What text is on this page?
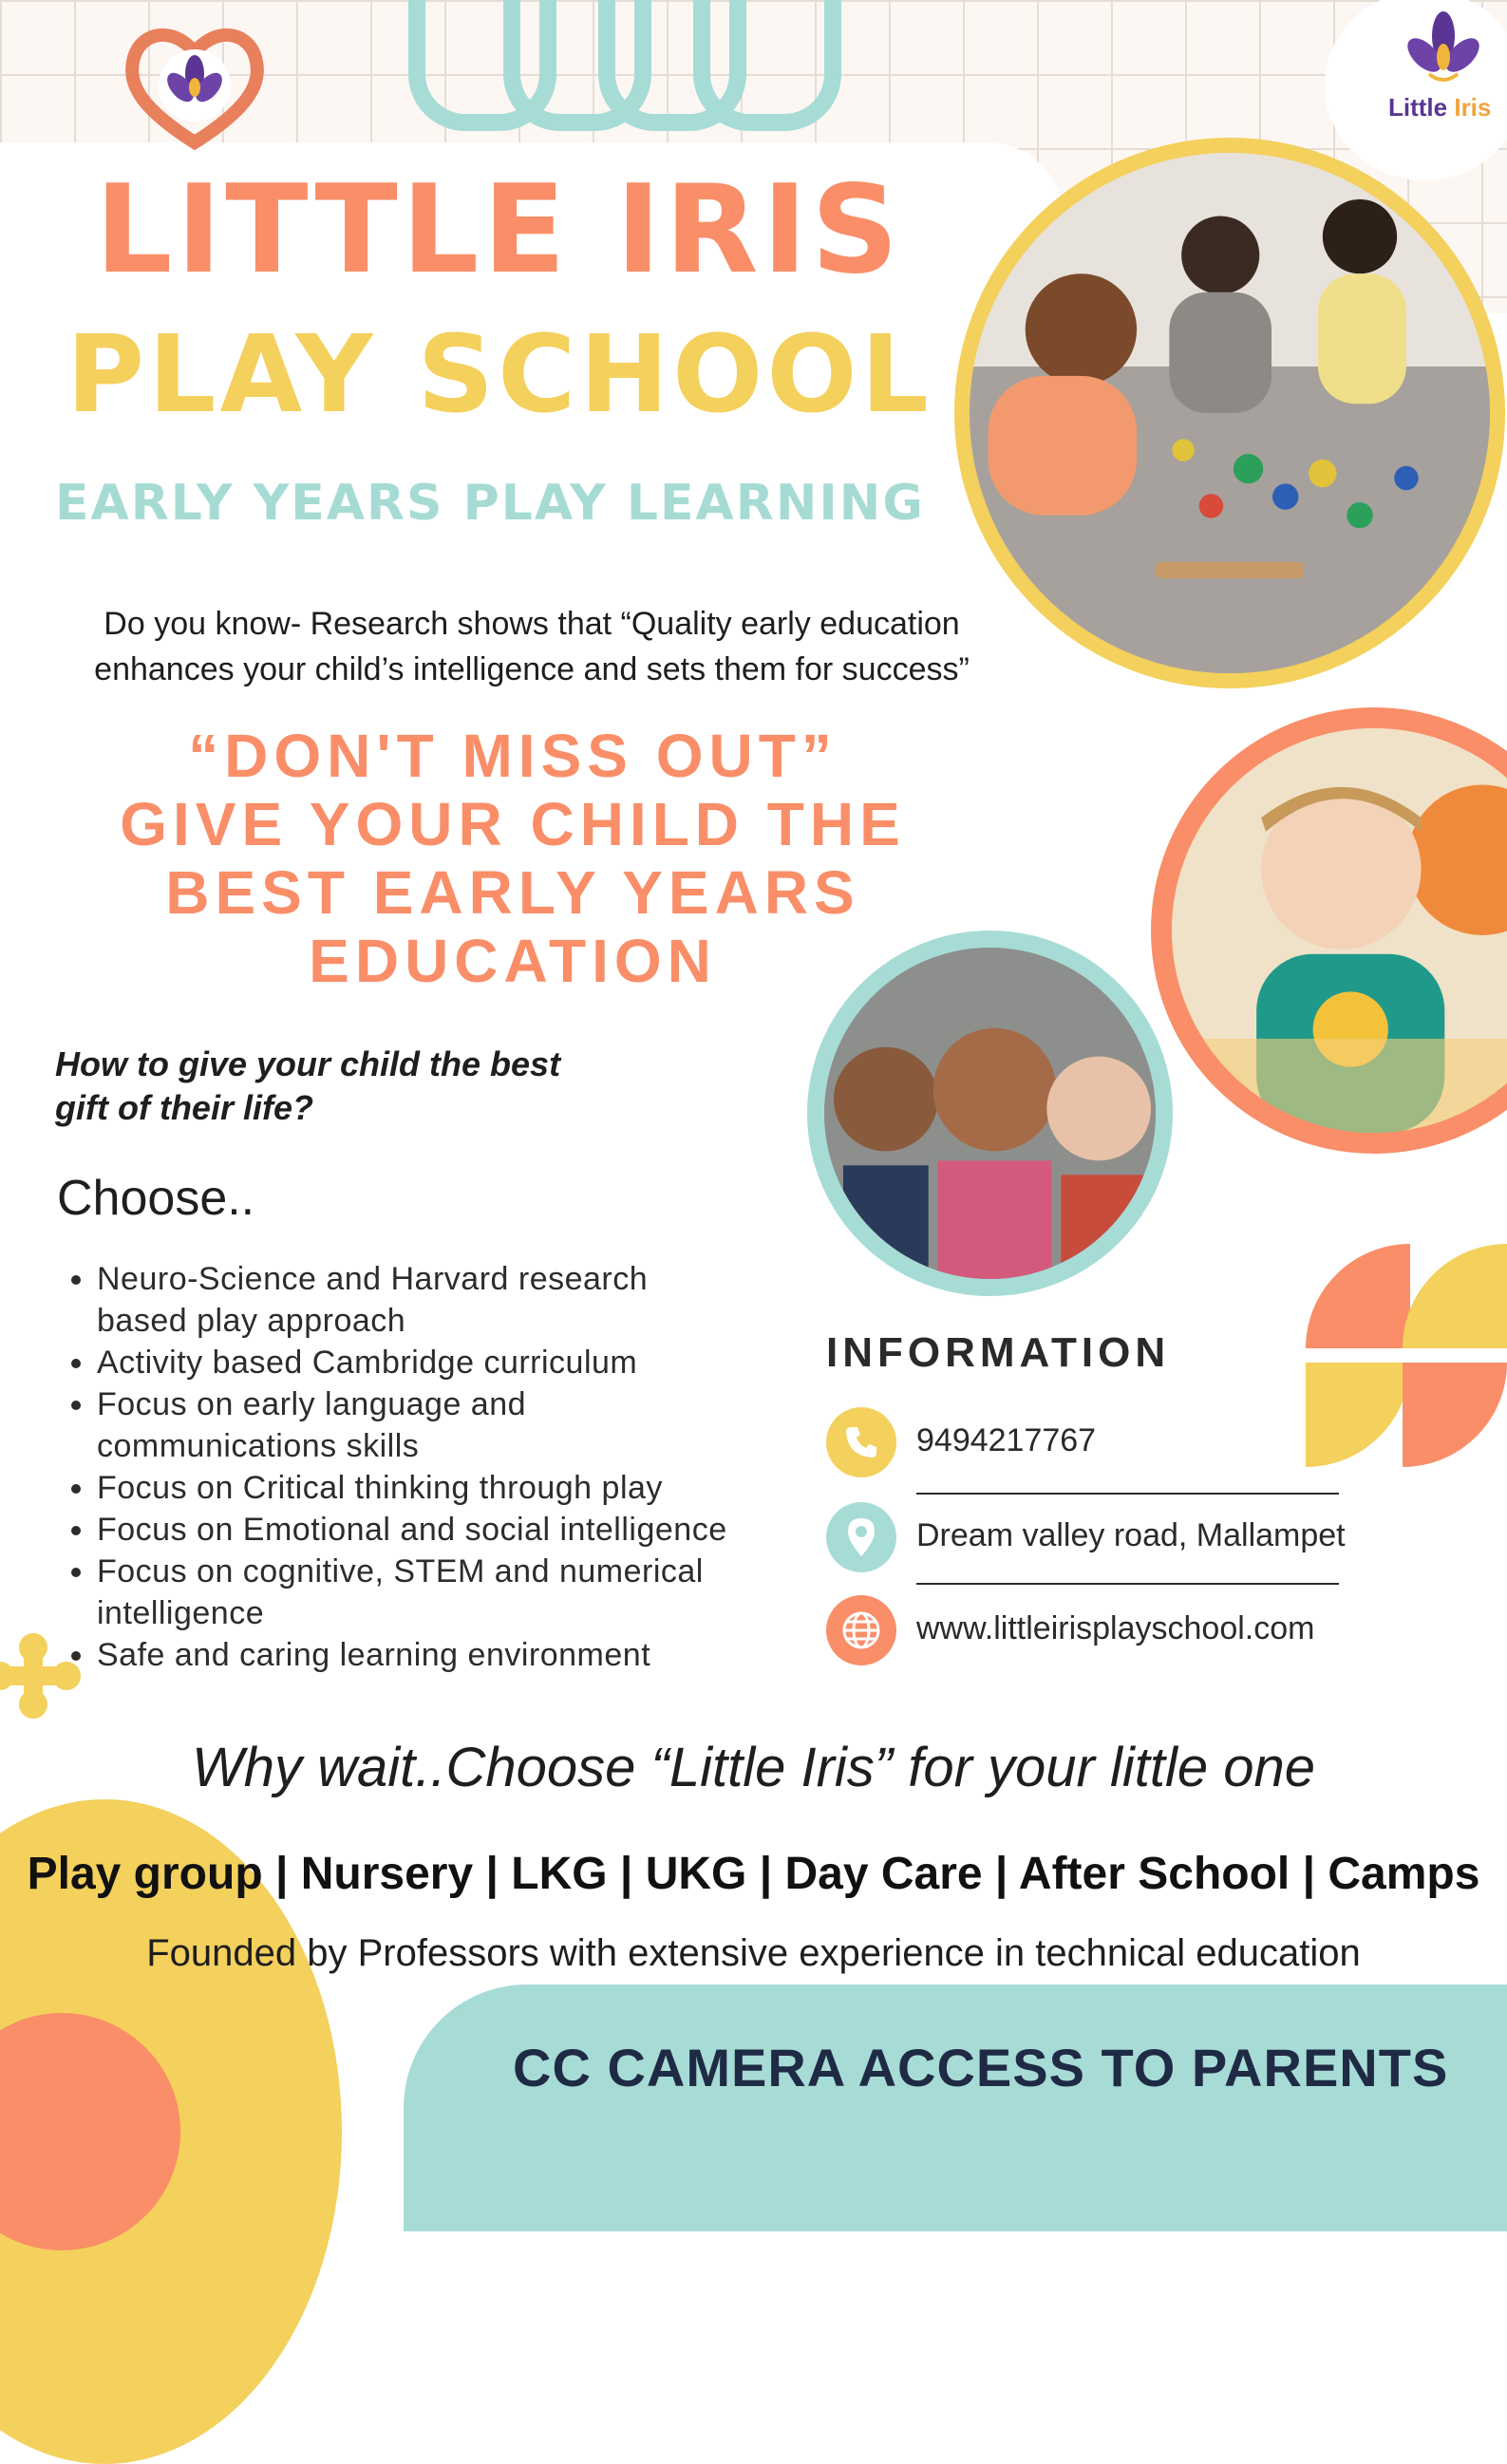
Little Iris
LITTLE IRIS
PLAY SCHOOL
EARLY YEARS PLAY LEARNING
Do you know- Research shows that “Quality early education
enhances your child’s intelligence and sets them for success”
“DON'T MISS OUT”
GIVE YOUR CHILD THE
BEST EARLY YEARS
EDUCATION
How to give your child the best
gift of their life?
Choose..
• Neuro-Science and Harvard research based play approach
• Activity based Cambridge curriculum
• Focus on early language and communications skills
• Focus on Critical thinking through play
• Focus on Emotional and social intelligence
• Focus on cognitive, STEM and numerical intelligence
• Safe and caring learning environment
INFORMATION
9494217767
Dream valley road, Mallampet
www.littleirisplayschool.com
Why wait..Choose “Little Iris” for your little one
Play group | Nursery | LKG | UKG | Day Care | After School | Camps
Founded by Professors with extensive experience in technical education
CC CAMERA ACCESS TO PARENTS
